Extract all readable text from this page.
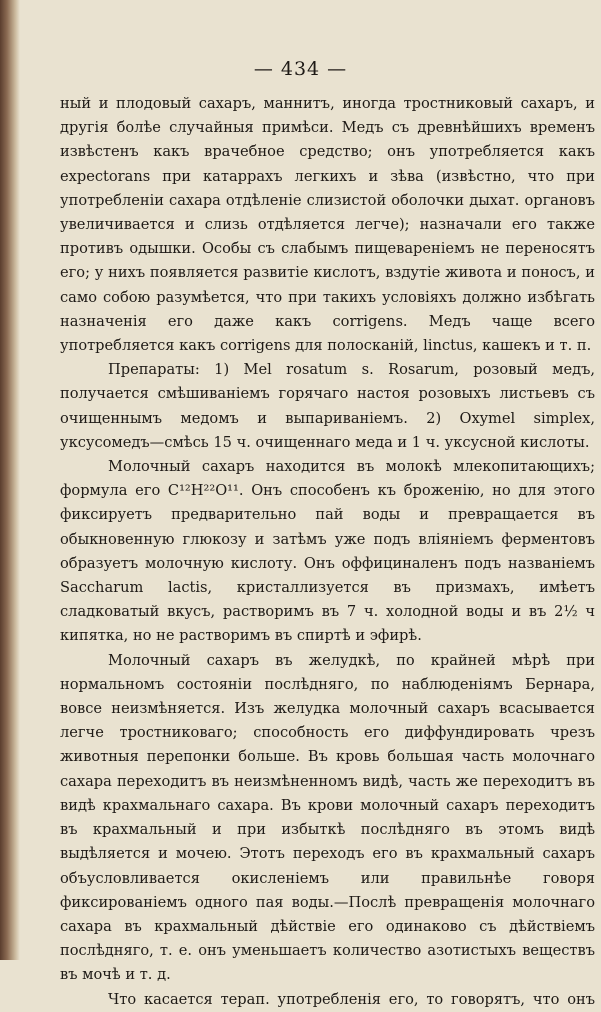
— 434 —

ный и плодовый сахаръ, маннитъ, иногда тростниковый сахаръ, и другія болѣе случайныя примѣси. Медъ съ древнѣйшихъ временъ извѣстенъ какъ врачебное средство; онъ употребляется какъ expectorans при катаррахъ легкихъ и зѣва (извѣстно, что при употребленіи сахара отдѣленіе слизистой оболочки дыхат. органовъ увеличивается и слизь отдѣляется легче); назначали его также противъ одышки. Особы съ слабымъ пищевареніемъ не переносятъ его; у нихъ появляется развитіе кислотъ, вздутіе живота и поносъ, и само собою разумѣется, что при такихъ условіяхъ должно избѣгать назначенія его даже какъ corrigens. Медъ чаще всего употребляется какъ corrigens для полосканій, linctus, кашекъ и т. п.

Препараты: 1) Mel rosatum s. Rosarum, розовый медъ, получается смѣшиваніемъ горячаго настоя розовыхъ листьевъ съ очищеннымъ медомъ и выпариваніемъ. 2) Oxymel simplex, уксусомедъ—смѣсь 15 ч. очищеннаго меда и 1 ч. уксусной кислоты.

Молочный сахаръ находится въ молокѣ млекопитающихъ; формула его C¹²H²²O¹¹. Онъ способенъ къ броженію, но для этого фиксируетъ предварительно пай воды и превращается въ обыкновенную глюкозу и затѣмъ уже подъ вліяніемъ ферментовъ образуетъ молочную кислоту. Онъ оффициналенъ подъ названіемъ Saccharum lactis, кристаллизуется въ призмахъ, имѣетъ сладковатый вкусъ, растворимъ въ 7 ч. холодной воды и въ 2½ ч кипятка, но не растворимъ въ спиртѣ и эфирѣ.

Молочный сахаръ въ желудкѣ, по крайней мѣрѣ при нормальномъ состояніи послѣдняго, по наблюденіямъ Бернара, вовсе неизмѣняется. Изъ желудка молочный сахаръ всасывается легче тростниковаго; способность его диффундировать чрезъ животныя перепонки больше. Въ кровь большая часть молочнаго сахара переходитъ въ неизмѣненномъ видѣ, часть же переходитъ въ видѣ крахмальнаго сахара. Въ крови молочный сахаръ переходитъ въ крахмальный и при избыткѣ послѣдняго въ этомъ видѣ выдѣляется и мочею. Этотъ переходъ его въ крахмальный сахаръ объусловливается окисленіемъ или правильнѣе говоря фиксированіемъ одного пая воды.—Послѣ превращенія молочнаго сахара въ крахмальный дѣйствіе его одинаково съ дѣйствіемъ послѣдняго, т. е. онъ уменьшаетъ количество азотистыхъ веществъ въ мочѣ и т. д.

Что касается терап. употребленія его, то говорятъ, что онъ
